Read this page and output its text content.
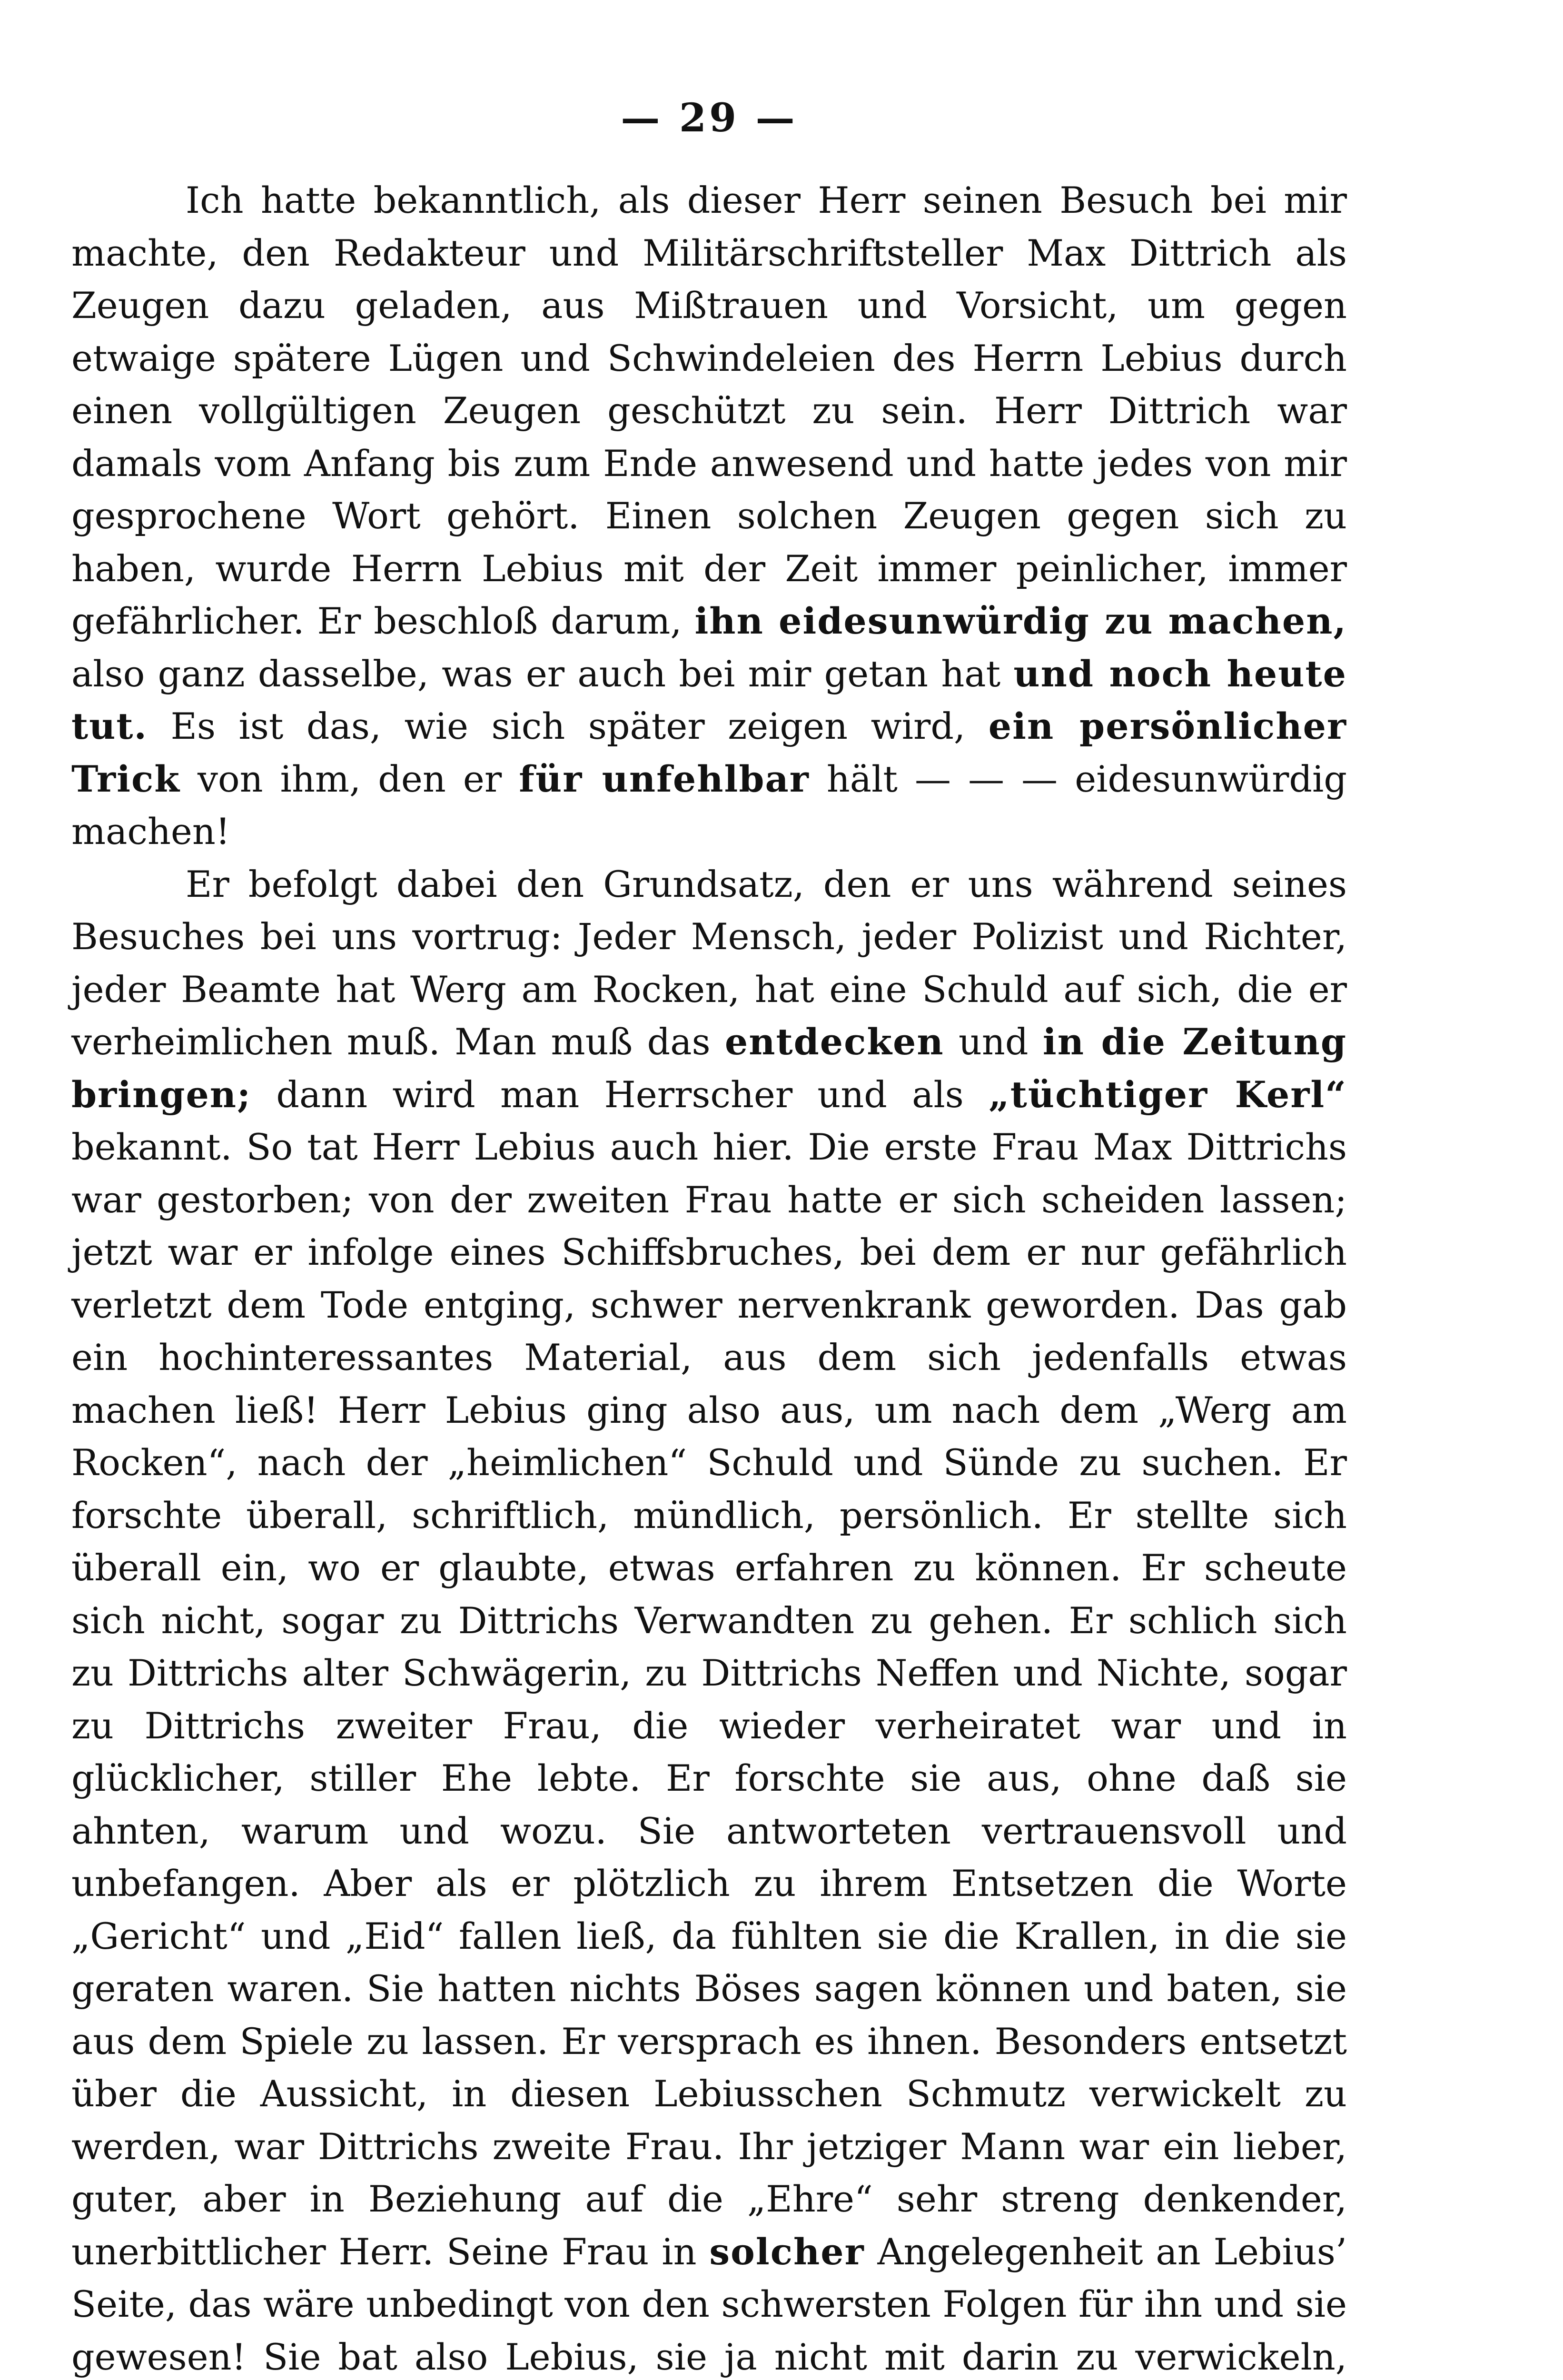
— 29 —

Ich hatte bekanntlich, als dieser Herr seinen Besuch bei mir machte, den Redakteur und Militärschriftsteller Max Dittrich als Zeugen dazu geladen, aus Mißtrauen und Vorsicht, um gegen etwaige spätere Lügen und Schwindeleien des Herrn Lebius durch einen vollgültigen Zeugen geschützt zu sein. Herr Dittrich war damals vom Anfang bis zum Ende anwesend und hatte jedes von mir gesprochene Wort gehört. Einen solchen Zeugen gegen sich zu haben, wurde Herrn Lebius mit der Zeit immer peinlicher, immer gefährlicher. Er beschloß darum, ihn eidesunwürdig zu machen, also ganz dasselbe, was er auch bei mir getan hat und noch heute tut. Es ist das, wie sich später zeigen wird, ein persönlicher Trick von ihm, den er für unfehlbar hält — — — eidesunwürdig machen!

Er befolgt dabei den Grundsatz, den er uns während seines Besuches bei uns vortrug: Jeder Mensch, jeder Polizist und Richter, jeder Beamte hat Werg am Rocken, hat eine Schuld auf sich, die er verheimlichen muß. Man muß das entdecken und in die Zeitung bringen; dann wird man Herrscher und als „tüchtiger Kerl“ bekannt. So tat Herr Lebius auch hier. Die erste Frau Max Dittrichs war gestorben; von der zweiten Frau hatte er sich scheiden lassen; jetzt war er infolge eines Schiffsbruches, bei dem er nur gefährlich verletzt dem Tode entging, schwer nervenkrank geworden. Das gab ein hochinteressantes Material, aus dem sich jedenfalls etwas machen ließ! Herr Lebius ging also aus, um nach dem „Werg am Rocken“, nach der „heimlichen“ Schuld und Sünde zu suchen. Er forschte überall, schriftlich, mündlich, persönlich. Er stellte sich überall ein, wo er glaubte, etwas erfahren zu können. Er scheute sich nicht, sogar zu Dittrichs Verwandten zu gehen. Er schlich sich zu Dittrichs alter Schwägerin, zu Dittrichs Neffen und Nichte, sogar zu Dittrichs zweiter Frau, die wieder verheiratet war und in glücklicher, stiller Ehe lebte. Er forschte sie aus, ohne daß sie ahnten, warum und wozu. Sie antworteten vertrauensvoll und unbefangen. Aber als er plötzlich zu ihrem Entsetzen die Worte „Gericht“ und „Eid“ fallen ließ, da fühlten sie die Krallen, in die sie geraten waren. Sie hatten nichts Böses sagen können und baten, sie aus dem Spiele zu lassen. Er versprach es ihnen. Besonders entsetzt über die Aussicht, in diesen Lebiusschen Schmutz verwickelt zu werden, war Dittrichs zweite Frau. Ihr jetziger Mann war ein lieber, guter, aber in Beziehung auf die „Ehre“ sehr streng denkender, unerbittlicher Herr. Seine Frau in solcher Angelegenheit an Lebius’ Seite, das wäre unbedingt von den schwersten Folgen für ihn und sie gewesen! Sie bat also Lebius, sie ja nicht mit darin zu verwickeln,
